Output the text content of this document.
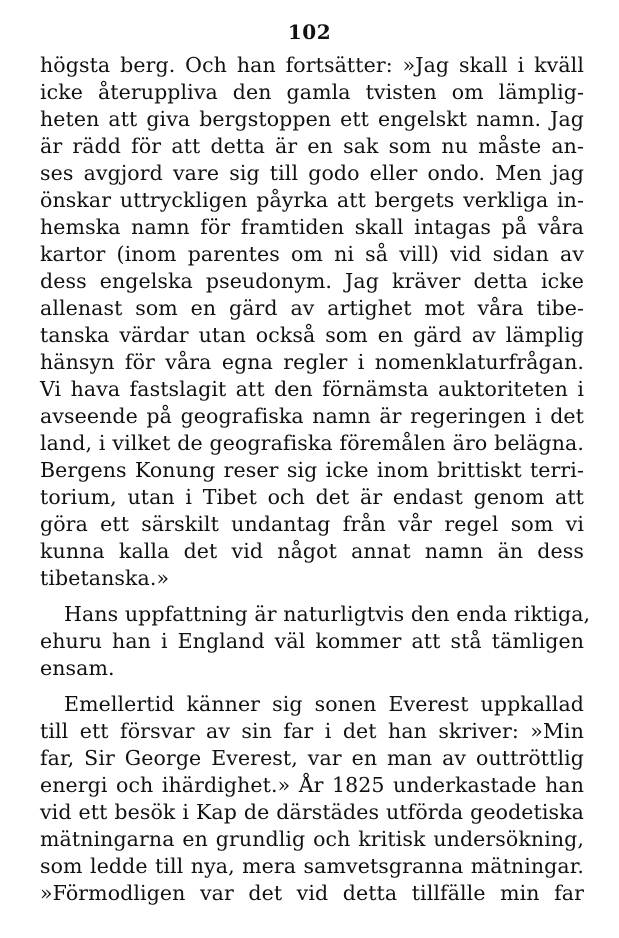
102
högsta berg. Och han fortsätter: »Jag skall i kväll
icke återuppliva den gamla tvisten om lämplig-
heten att giva bergstoppen ett engelskt namn. Jag
är rädd för att detta är en sak som nu måste an-
ses avgjord vare sig till godo eller ondo. Men jag
önskar uttryckligen påyrka att bergets verkliga in-
hemska namn för framtiden skall intagas på våra
kartor (inom parentes om ni så vill) vid sidan av
dess engelska pseudonym. Jag kräver detta icke
allenast som en gärd av artighet mot våra tibe-
tanska värdar utan också som en gärd av lämplig
hänsyn för våra egna regler i nomenklaturfrågan.
Vi hava fastslagit att den förnämsta auktoriteten i
avseende på geografiska namn är regeringen i det
land, i vilket de geografiska föremålen äro belägna.
Bergens Konung reser sig icke inom brittiskt terri-
torium, utan i Tibet och det är endast genom att
göra ett särskilt undantag från vår regel som vi
kunna kalla det vid något annat namn än dess
tibetanska.»
Hans uppfattning är naturligtvis den enda riktiga,
ehuru han i England väl kommer att stå tämligen
ensam.
Emellertid känner sig sonen Everest uppkallad
till ett försvar av sin far i det han skriver: »Min
far, Sir George Everest, var en man av outtröttlig
energi och ihärdighet.» År 1825 underkastade han
vid ett besök i Kap de därstädes utförda geodetiska
mätningarna en grundlig och kritisk undersökning,
som ledde till nya, mera samvetsgranna mätningar.
»Förmodligen var det vid detta tillfälle min far
